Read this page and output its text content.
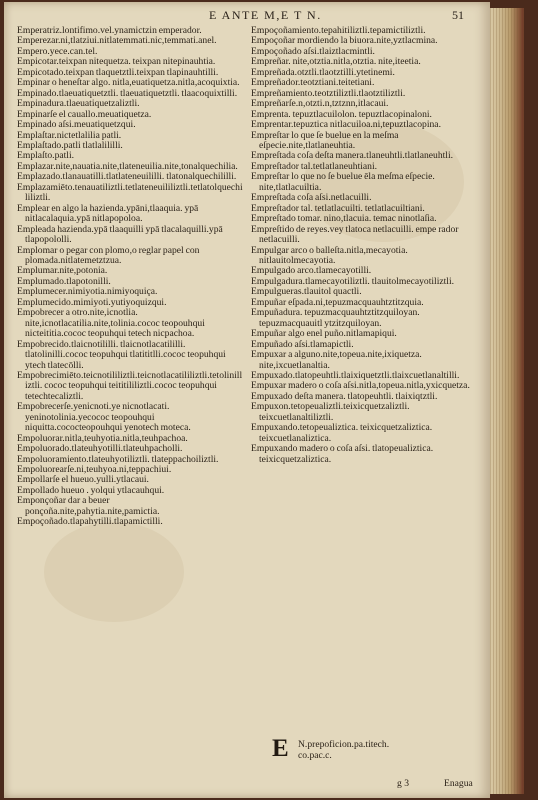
E ANTE M,E T N.	51

Emperatriz.lontifimo.vel.ynamictzin emperador.

Emperezar.ni,tlatziui.nitlatemmati.nic,temmati.anel.

Empero.yece.can.tel.

Empicotar.teixpan nitequetza. teixpan nitepinauhtia.

Empicotado.teixpan tlaquetztli.teixpan tlapinauhtilli.

Empinar o heneſtar algo. nitla,euatiquetza.nitla,acoquixtia.

Empinado.tlaeuatiquetztli. tlaeuatiquetztli. tlaacoquixtilli.

Empinadura.tlaeuatiquetzaliztli.

Empinarſe el cauallo.meuatiquetza.

Empinado aſsi.meuatiquetzqui.

Emplaſtar.nictetlalilia patli.

Emplaſtado.patli tlatlalililli.

Emplaſto.patli.

Emplazar.nite,nauatia.nite,tlateneuilia.nite,tonalquechilia.

Emplazado.tlanauatilli.tlatlateneuililli. tlatonalquechililli.

Emplazamiēto.tenauatiliztli.tetlateneuililiztli.tetlatolquechililiztli.

Emplear en algo la hazienda.ypāni,tlaaquia. ypā nitlacalaquia.ypā nitlapopoloa.

Empleada hazienda.ypā tlaaquilli ypā tlacalaquilli.ypā tlapopololli.

Emplomar o pegar con plomo,o reglar papel con plomada.nitlatemetztzua.

Emplumar.nite,potonia.

Emplumado.tlapotonilli.

Emplumecer.nimiyotia.nimiyoquiça.

Emplumecido.mimiyoti.yutiyoquizqui.

Empobrecer a otro.nite,icnotlia. nite,icnotlacatilia.nite,tolinia.cococ teopouhqui nicteititia.cococ teopuhqui tetech nicpachoa.

Empobrecido.tlaicnotililli. tlaicnotlacatililli. tlatolinilli.cococ teopuhqui tlatititlli.cococ teopuhqui ytech tlatecōlli.

Empobrecimiēto.teicnotililiztli.teicnotlacatililiztli.tetolinilliztli. cococ teopuhqui teititililiztli.cococ teopuhqui tetechtecaliztli.

Empobrecerſe.yenicnoti.ye nicnotlacati. yeninotolinia.yecococ teopouhqui niquitta.cococteopouhqui yenotech moteca.

Empoluorar.nitla,teuhyotia.nitla,teuhpachoa.

Empoluorado.tlateuhyotilli.tlateuhpacholli.

Empoluoramiento.tlateuhyotiliztli. tlateppachoiliztli.

Empoluorearſe.ni,teuhyoa.ni,teppachiui.

Empollarſe el hueuo.yulli.ytlacaui.

Empollado hueuo . yolqui ytlacauhqui.

Emponçoñar dar a beuer ponçoña.nite,pahytia.nite,pamictia.

Empoçoñado.tlapahytilli.tlapamictilli.

Empoçoñamiento.tepahitiliztli.tepamictiliztli.

Empoçoñar mordiendo la biuora.nite,yztlacmina.

Empoçoñado aſsi.tlaiztlacmintli.

Empreñar. nite,otztia.nitla,otztia. nite,iteetia.

Empreñada.otztli.tlaotztilli.ytetinemi.

Empreñador.teotztiani.teitetiani.

Empreñamiento.teotztiliztli.tlaotztiliztli.

Empreñarſe.n,otzti.n,tztznn,itlacaui.

Emprenta. tepuztlacuilolon. tepuztlacopinaloni.

Emprentar.tepuztica nitlacuiloa.ni,tepuztlacopina.

Empreſtar lo que ſe buelue en la meſma eſpecie.nite,tlatlaneuhtia.

Empreſtada coſa deſta manera.tlaneuhtli.tlatlaneuhtli.

Empreſtador tal.tetlatlaneuhtiani.

Empreſtar lo que no ſe buelue ēla meſma eſpecie. nite,tlatlacuiltia.

Empreſtada coſa aſsi.netlacuilli.

Empreſtador tal. tetlatlacuilti. tetlatlacuiltiani.

Empreſtado tomar. nino,tlacuia. temac ninotlaſia.

Empreſtido de reyes.vey tlatoca netlacuilli. empe rador netlacuilli.

Empulgar arco o balleſta.nitla,mecayotia. nitlauitolmecayotia.

Empulgado arco.tlamecayotilli.

Empulgadura.tlamecayotiliztli. tlauitolmecayotiliztli.

Empulgueras.tlauitol quactli.

Empuñar eſpada.ni,tepuzmacquauhtztitzquia.

Empuñadura. tepuzmacquauhtztitzquiloyan. tepuzmacquauitl ytzitzquiloyan.

Empuñar algo enel puño.nitlamapiqui.

Empuñado aſsi.tlamapictli.

Empuxar a alguno.nite,topeua.nite,ixiquetza. nite,ixcuetlanaltia.

Empuxado.tlatopeuhtli.tlaixiquetztli.tlaixcuetlanaltilli.

Empuxar madero o coſa aſsi.nitla,topeua.nitla,yxicquetza.

Empuxado deſta manera. tlatopeuhtli. tlaixiqtztli.

Empuxon.tetopeualiztli.teixicquetzaliztli. teixcuetlanaltiliztli.

Empuxando.tetopeualiztica. teixicquetzaliztica. teixcuetlanaliztica.

Empuxando madero o coſa aſsi. tlatopeualiztica. teixicquetzaliztica.

E N.prepoficion.pa.titech.
co.pac.c.
g 3	Enagua
